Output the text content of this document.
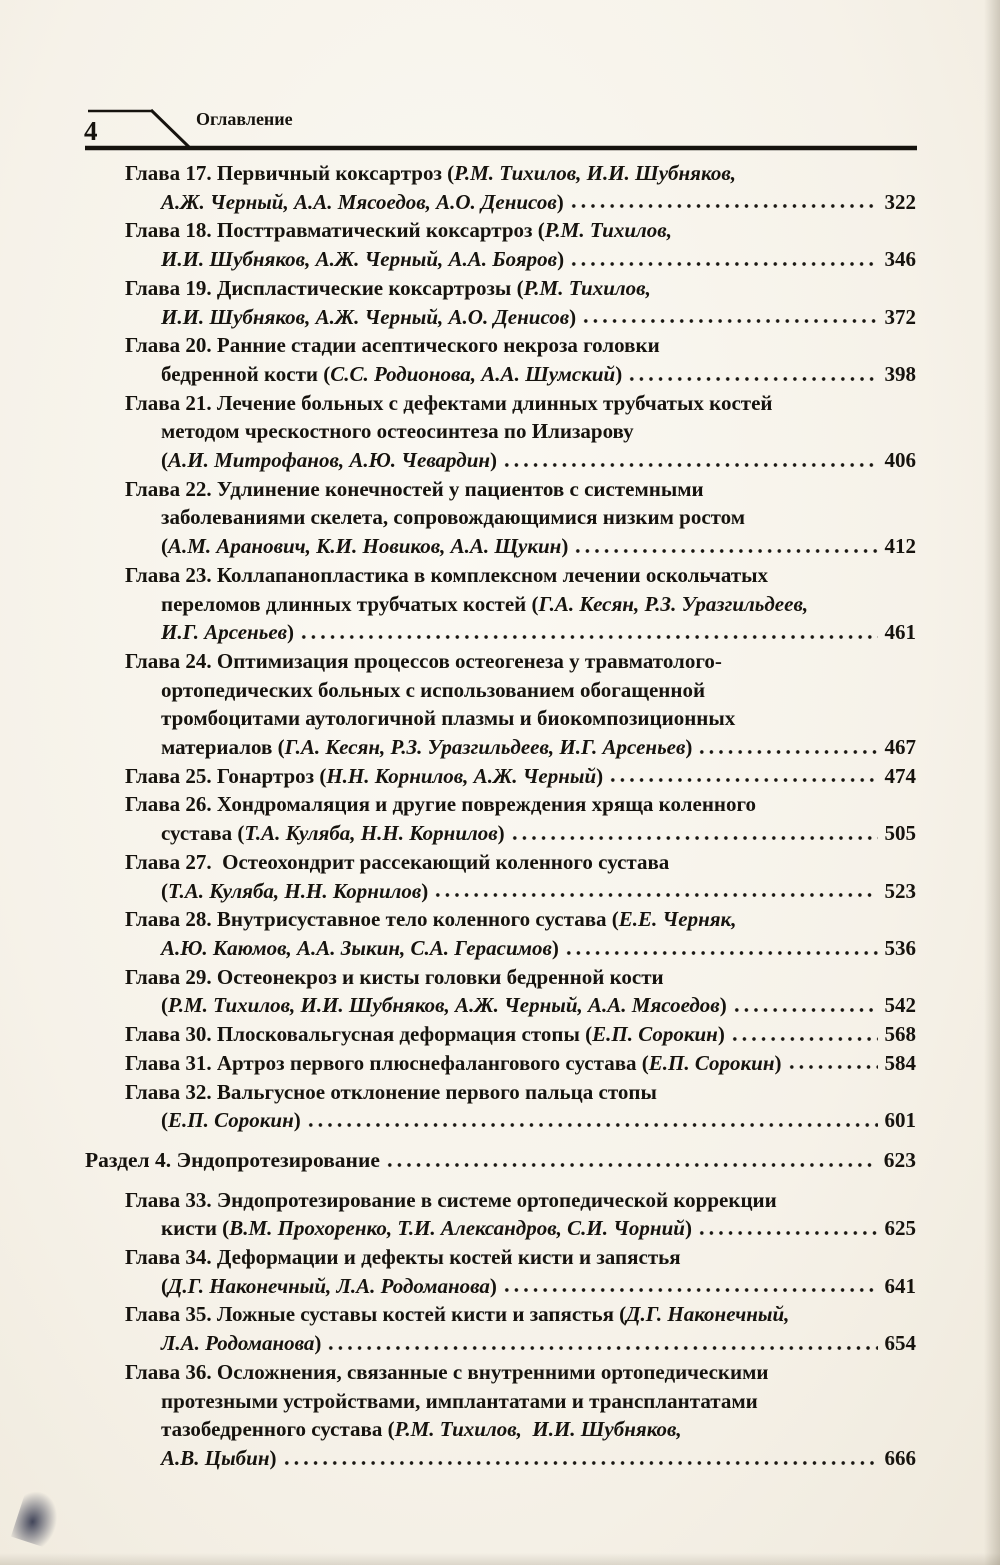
4	Оглавление
Глава 17. Первичный коксартроз ( Р.М. Тихилов, И.И. Шубняков,
А.Ж. Черный, А.А. Мясоедов, А.О. Денисов )	322
Глава 18. Посттравматический коксартроз ( Р.М. Тихилов,
И.И. Шубняков, А.Ж. Черный, А.А. Бояров )	346
Глава 19. Диспластические коксартрозы ( Р.М. Тихилов,
И.И. Шубняков, А.Ж. Черный, А.О. Денисов )	372
Глава 20. Ранние стадии асептического некроза головки
бедренной кости ( С.С. Родионова, А.А. Шумский )	398
Глава 21. Лечение больных с дефектами длинных трубчатых костей
методом чрескостного остеосинтеза по Илизарову
( А.И. Митрофанов, А.Ю. Чевардин )	406
Глава 22. Удлинение конечностей у пациентов с системными
заболеваниями скелета, сопровождающимися низким ростом
( А.М. Аранович, К.И. Новиков, А.А. Щукин )	412
Глава 23. Коллапанопластика в комплексном лечении оскольчатых
переломов длинных трубчатых костей ( Г.А. Кесян, Р.З. Уразгильдеев,
И.Г. Арсеньев )	461
Глава 24. Оптимизация процессов остеогенеза у травматолого-
ортопедических больных с использованием обогащенной
тромбоцитами аутологичной плазмы и биокомпозиционных
материалов ( Г.А. Кесян, Р.З. Уразгильдеев, И.Г. Арсеньев )	467
Глава 25. Гонартроз ( Н.Н. Корнилов, А.Ж. Черный )	474
Глава 26. Хондромаляция и другие повреждения хряща коленного
сустава ( Т.А. Куляба, Н.Н. Корнилов )	505
Глава 27.  Остеохондрит рассекающий коленного сустава
( Т.А. Куляба, Н.Н. Корнилов )	523
Глава 28. Внутрисуставное тело коленного сустава ( Е.Е. Черняк,
А.Ю. Каюмов, А.А. Зыкин, С.А. Герасимов )	536
Глава 29. Остеонекроз и кисты головки бедренной кости
( Р.М. Тихилов, И.И. Шубняков, А.Ж. Черный, А.А. Мясоедов )	542
Глава 30. Плосковальгусная деформация стопы ( Е.П. Сорокин )	568
Глава 31. Артроз первого плюснефалангового сустава ( Е.П. Сорокин )	584
Глава 32. Вальгусное отклонение первого пальца стопы
( Е.П. Сорокин )	601
Раздел 4. Эндопротезирование	623
Глава 33. Эндопротезирование в системе ортопедической коррекции
кисти ( В.М. Прохоренко, Т.И. Александров, С.И. Чорний )	625
Глава 34. Деформации и дефекты костей кисти и запястья
( Д.Г. Наконечный, Л.А. Родоманова )	641
Глава 35. Ложные суставы костей кисти и запястья ( Д.Г. Наконечный,
Л.А. Родоманова )	654
Глава 36. Осложнения, связанные с внутренними ортопедическими
протезными устройствами, имплантатами и трансплантатами
тазобедренного сустава ( Р.М. Тихилов,  И.И. Шубняков,
А.В. Цыбин )	666
